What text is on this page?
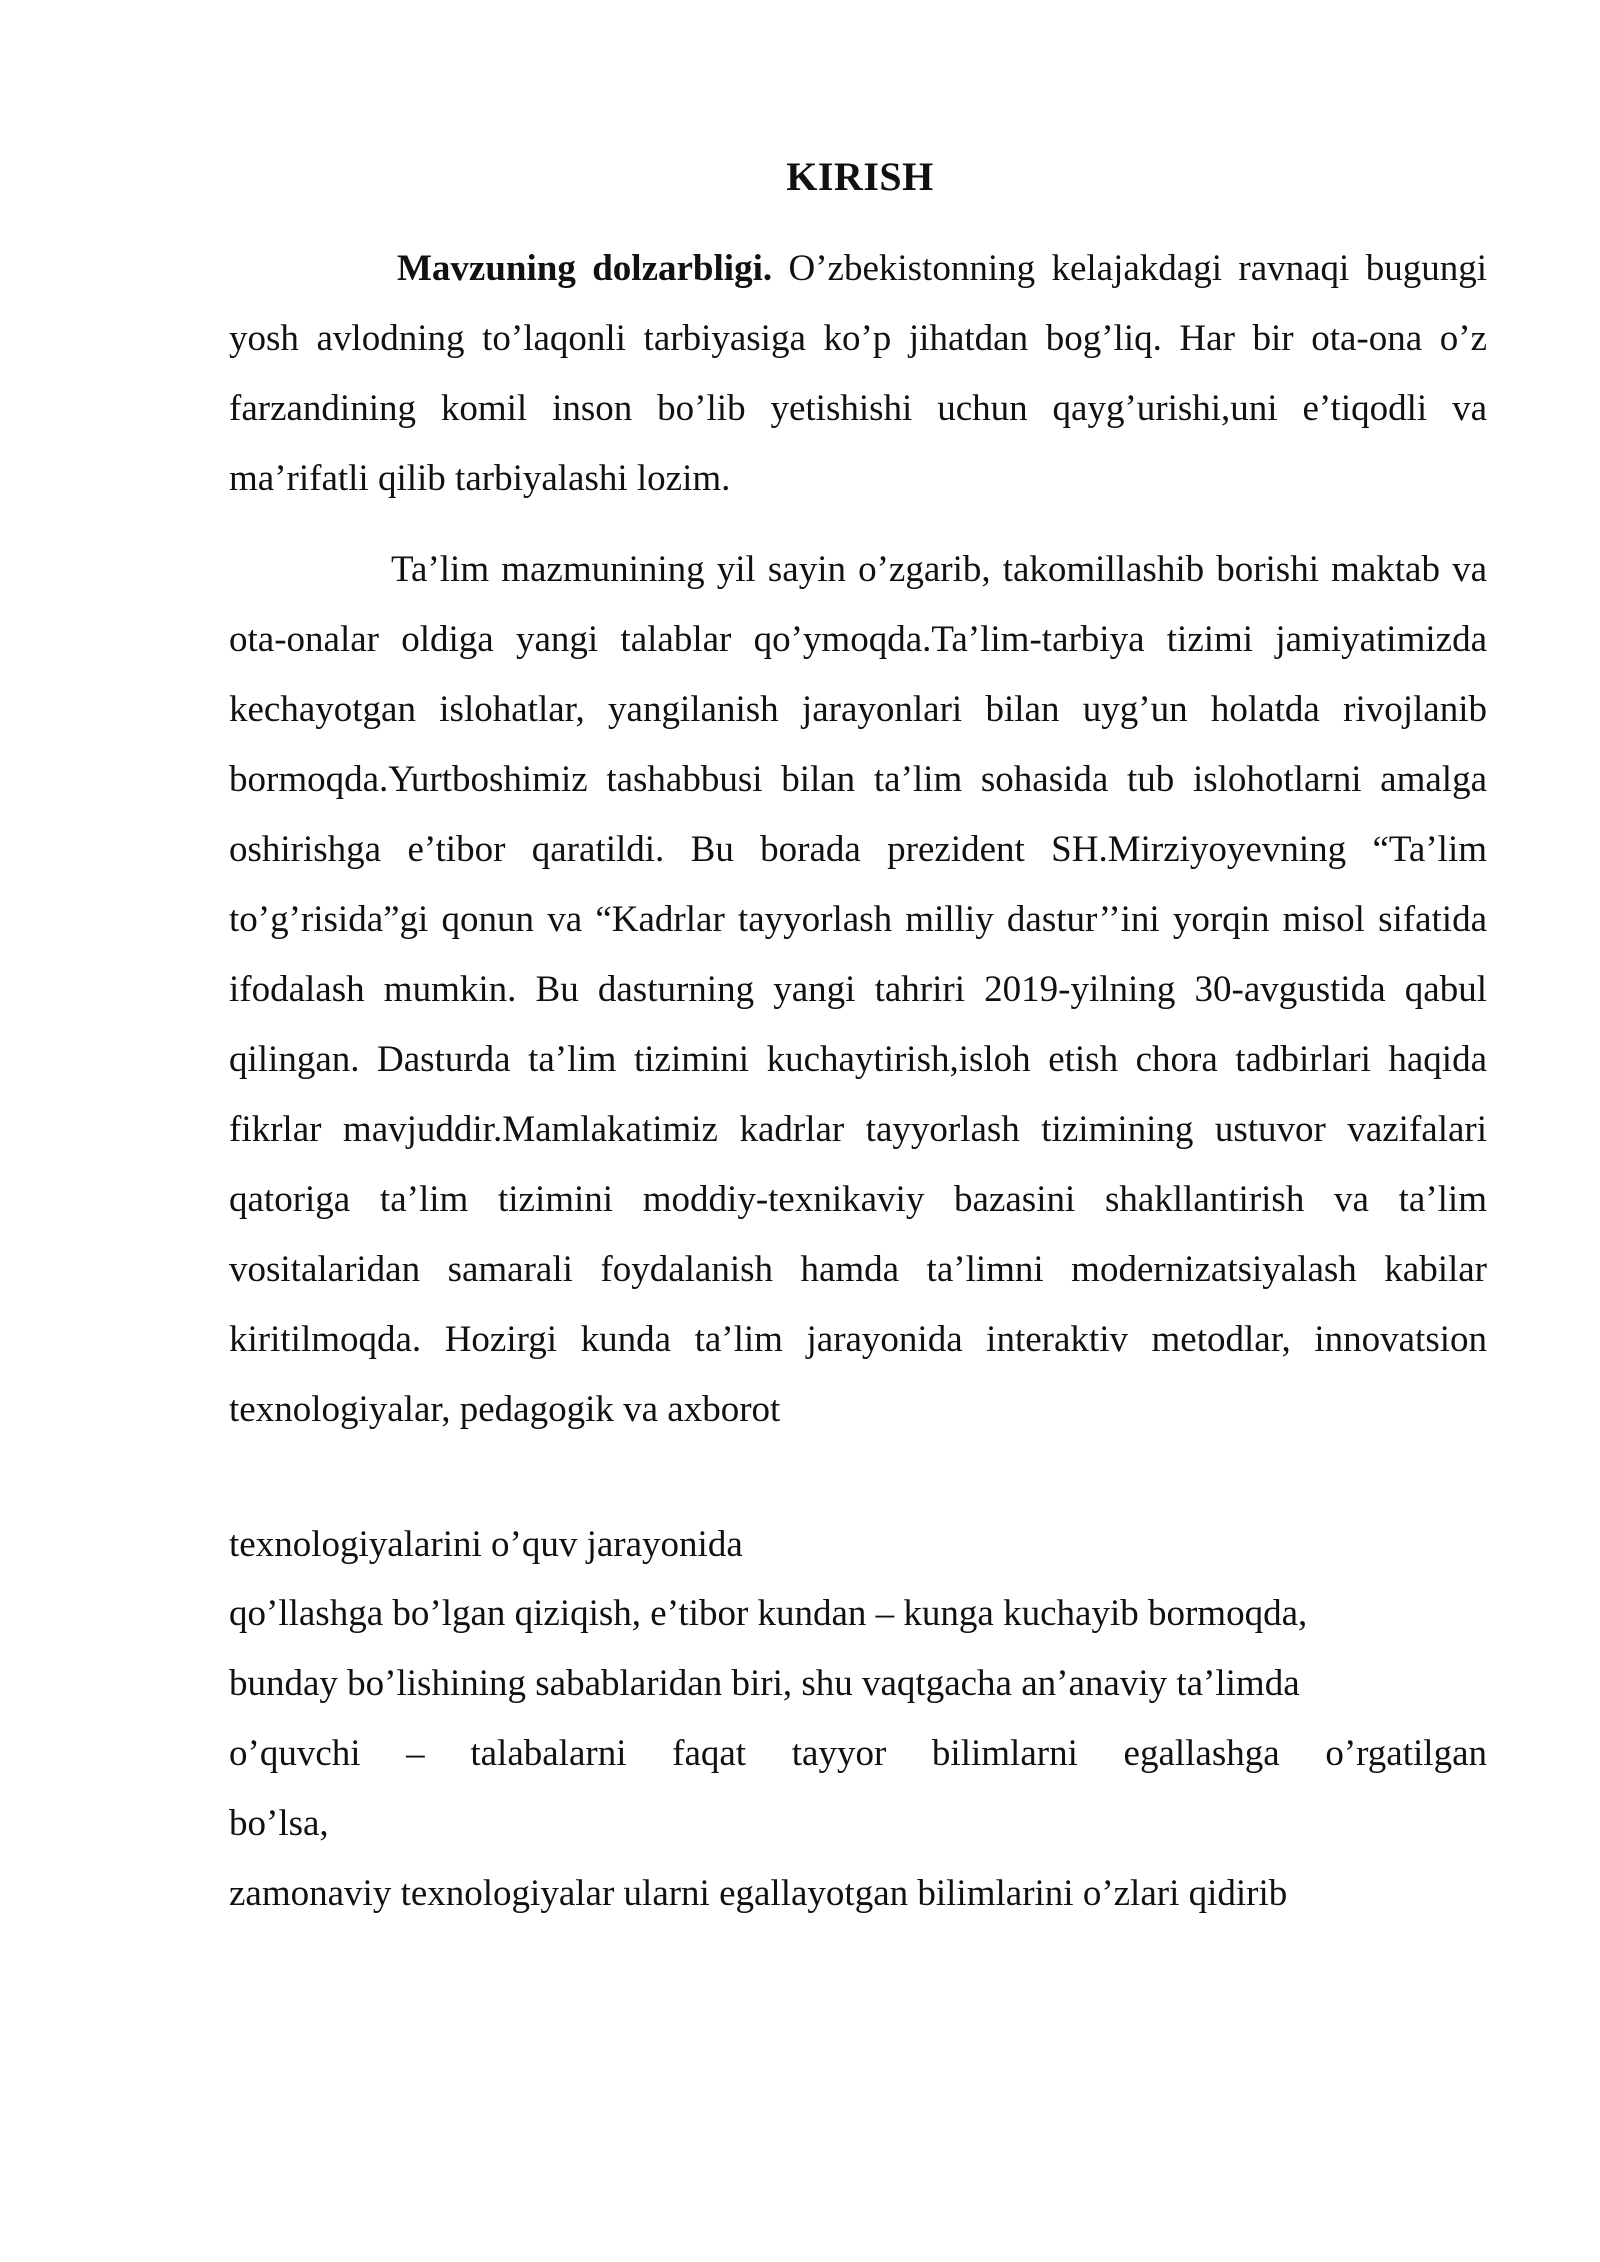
KIRISH

Mavzuning dolzarbligi. O’zbekistonning kelajakdagi ravnaqi bugungi yosh avlodning to’laqonli tarbiyasiga ko’p jihatdan bog’liq. Har bir ota-ona o’z farzandining komil inson bo’lib yetishishi uchun qayg’urishi,uni e’tiqodli va ma’rifatli qilib tarbiyalashi lozim.

Ta’lim mazmunining yil sayin o’zgarib, takomillashib borishi maktab va ota-onalar oldiga yangi talablar qo’ymoqda.Ta’lim-tarbiya tizimi jamiyatimizda kechayotgan islohatlar, yangilanish jarayonlari bilan uyg’un holatda rivojlanib bormoqda.Yurtboshimiz tashabbusi bilan ta’lim sohasida tub islohotlarni amalga oshirishga e’tibor qaratildi. Bu borada prezident SH.Mirziyoyevning “Ta’lim to’g’risida”gi qonun va “Kadrlar tayyorlash milliy dastur’’ini yorqin misol sifatida ifodalash mumkin. Bu dasturning yangi tahriri 2019-yilning 30-avgustida qabul qilingan. Dasturda ta’lim tizimini kuchaytirish,isloh etish chora tadbirlari haqida fikrlar mavjuddir.Mamlakatimiz kadrlar tayyorlash tizimining ustuvor vazifalari qatoriga ta’lim tizimini moddiy-texnikaviy bazasini shakllantirish va ta’lim vositalaridan samarali foydalanish hamda ta’limni modernizatsiyalash kabilar kiritilmoqda. Hozirgi kunda ta’lim jarayonida interaktiv metodlar, innovatsion texnologiyalar, pedagogik va axborot

texnologiyalarini o’quv jarayonida

qo’llashga bo’lgan qiziqish, e’tibor kundan – kunga kuchayib bormoqda,

bunday bo’lishining sabablaridan biri, shu vaqtgacha an’anaviy ta’limda

o’quvchi – talabalarni faqat tayyor bilimlarni egallashga o’rgatilgan

bo’lsa,

zamonaviy texnologiyalar ularni egallayotgan bilimlarini o’zlari qidirib
